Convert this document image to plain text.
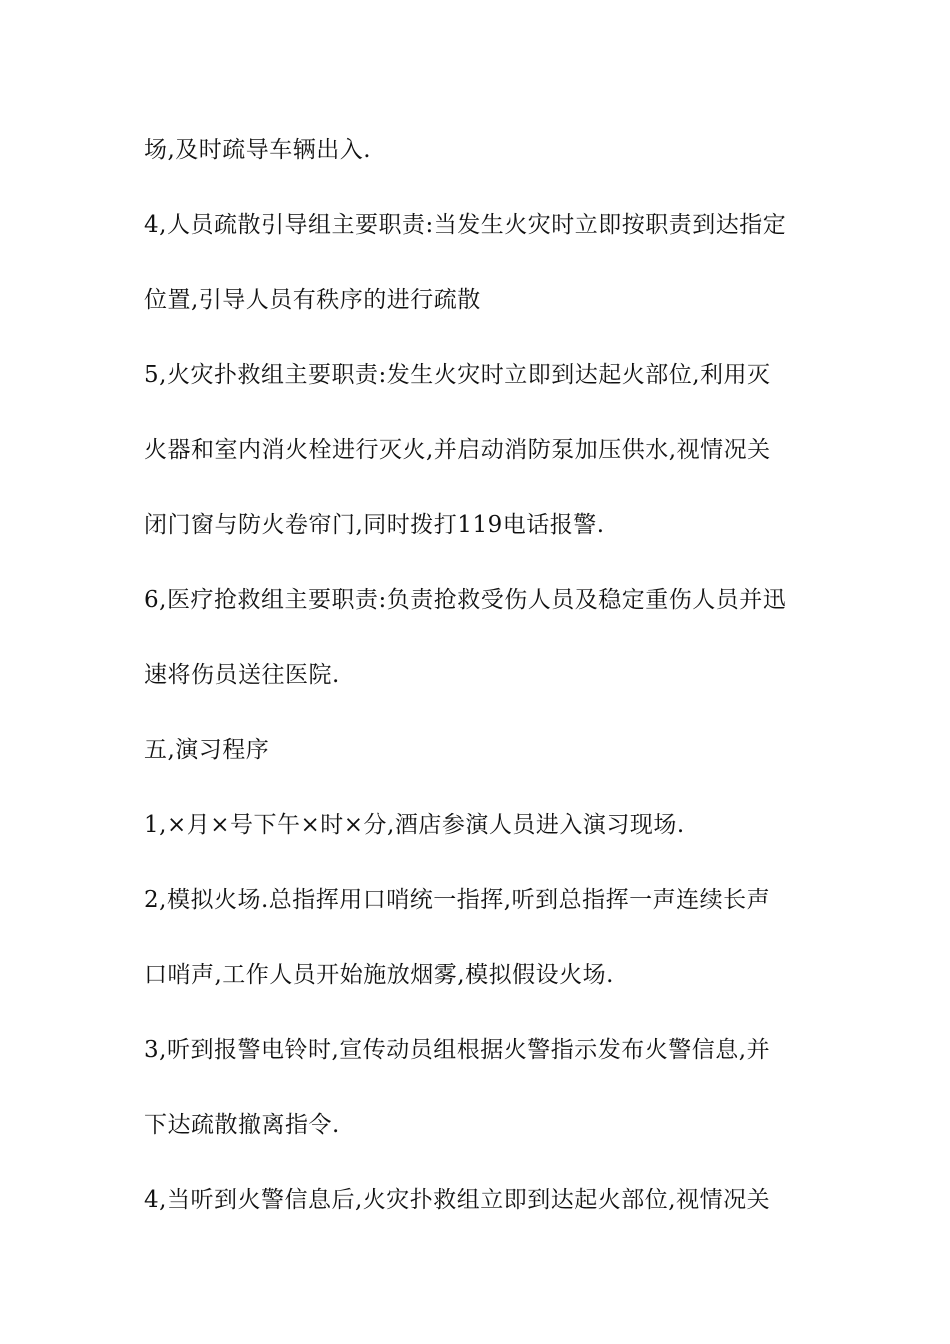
场,及时疏导车辆出入.
4,人员疏散引导组主要职责:当发生火灾时立即按职责到达指定
位置,引导人员有秩序的进行疏散
5,火灾扑救组主要职责:发生火灾时立即到达起火部位,利用灭
火器和室内消火栓进行灭火,并启动消防泵加压供水,视情况关
闭门窗与防火卷帘门,同时拨打119电话报警.
6,医疗抢救组主要职责:负责抢救受伤人员及稳定重伤人员并迅
速将伤员送往医院.
五,演习程序
1,×月×号下午×时×分,酒店参演人员进入演习现场.
2,模拟火场.总指挥用口哨统一指挥,听到总指挥一声连续长声
口哨声,工作人员开始施放烟雾,模拟假设火场.
3,听到报警电铃时,宣传动员组根据火警指示发布火警信息,并
下达疏散撤离指令.
4,当听到火警信息后,火灾扑救组立即到达起火部位,视情况关
